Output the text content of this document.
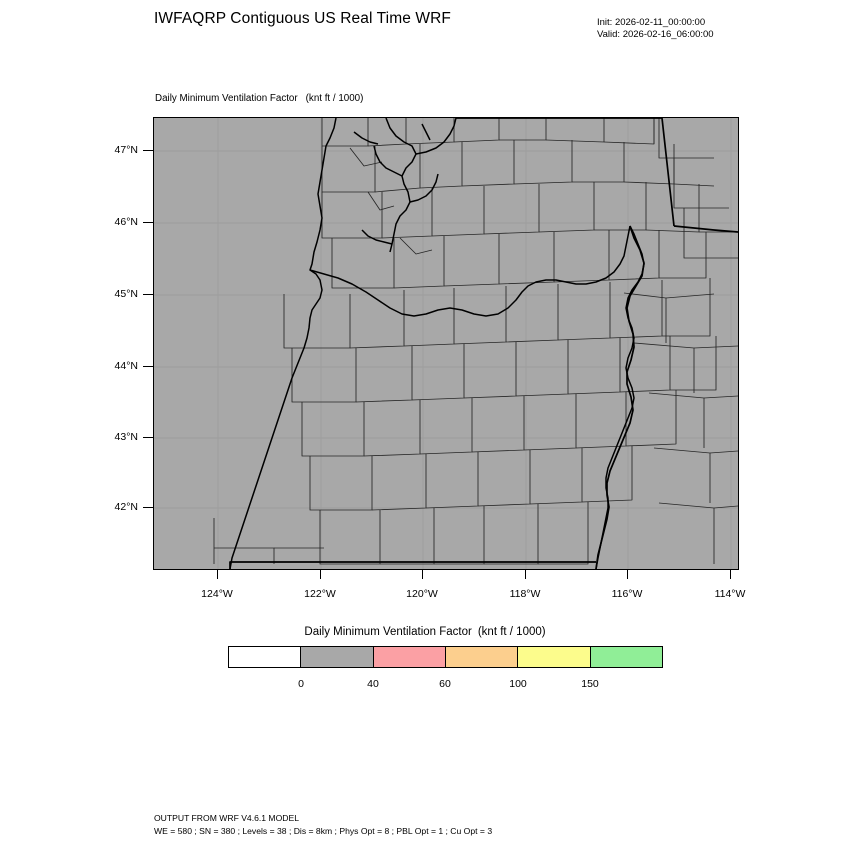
IWFAQRP Contiguous US Real Time WRF	Init: 2026-02-11_00:00:00
Valid: 2026-02-16_06:00:00
Daily Minimum Ventilation Factor (knt ft / 1000)
47°N
46°N
45°N
44°N
43°N
42°N
124°W	122°W	120°W	118°W	116°W	114°W
Daily Minimum Ventilation Factor (knt ft / 1000)
0	40	60	100	150
OUTPUT FROM WRF V4.6.1 MODEL
WE = 580 ; SN = 380 ; Levels = 38 ; Dis = 8km ; Phys Opt = 8 ; PBL Opt = 1 ; Cu Opt = 3
